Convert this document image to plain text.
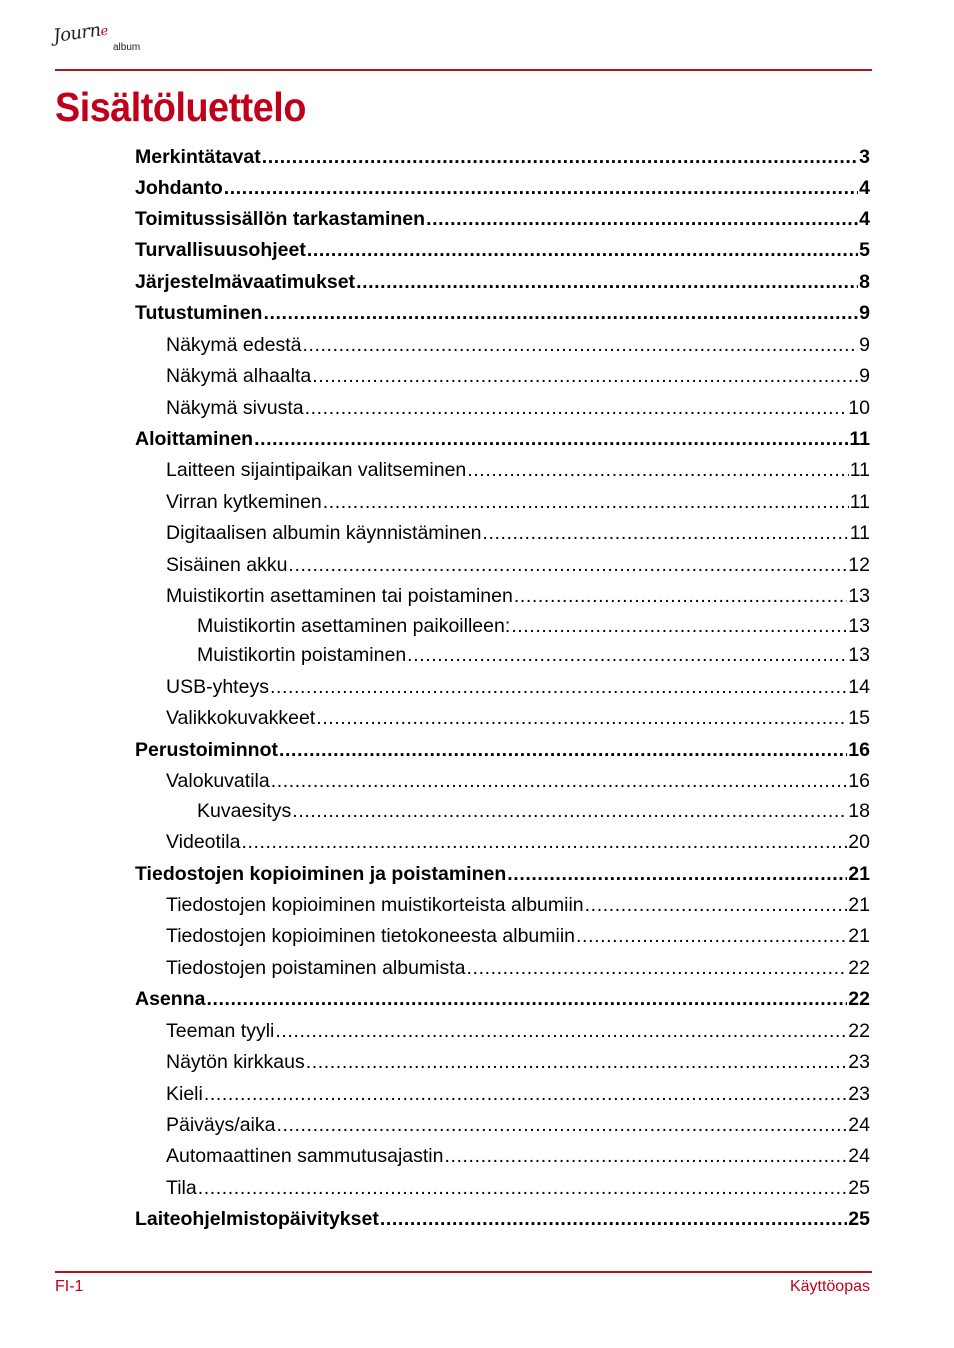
Journe
album
Sisältöluettelo
Merkintätavat .....	3
Johdanto .....	4
Toimitussisällön tarkastaminen .....	4
Turvallisuusohjeet .....	5
Järjestelmävaatimukset .....	8
Tutustuminen .....	9
Näkymä edestä .....	9
Näkymä alhaalta .....	9
Näkymä sivusta .....	10
Aloittaminen .....	11
Laitteen sijaintipaikan valitseminen .....	11
Virran kytkeminen .....	11
Digitaalisen albumin käynnistäminen .....	11
Sisäinen akku .....	12
Muistikortin asettaminen tai poistaminen .....	13
Muistikortin asettaminen paikoilleen: .....	13
Muistikortin poistaminen .....	13
USB-yhteys .....	14
Valikkokuvakkeet .....	15
Perustoiminnot .....	16
Valokuvatila .....	16
Kuvaesitys .....	18
Videotila .....	20
Tiedostojen kopioiminen ja poistaminen .....	21
Tiedostojen kopioiminen muistikorteista albumiin .....	21
Tiedostojen kopioiminen tietokoneesta albumiin .....	21
Tiedostojen poistaminen albumista .....	22
Asenna .....	22
Teeman tyyli .....	22
Näytön kirkkaus .....	23
Kieli .....	23
Päiväys/aika .....	24
Automaattinen sammutusajastin .....	24
Tila .....	25
Laiteohjelmistopäivitykset .....	25
FI-1	Käyttöopas
